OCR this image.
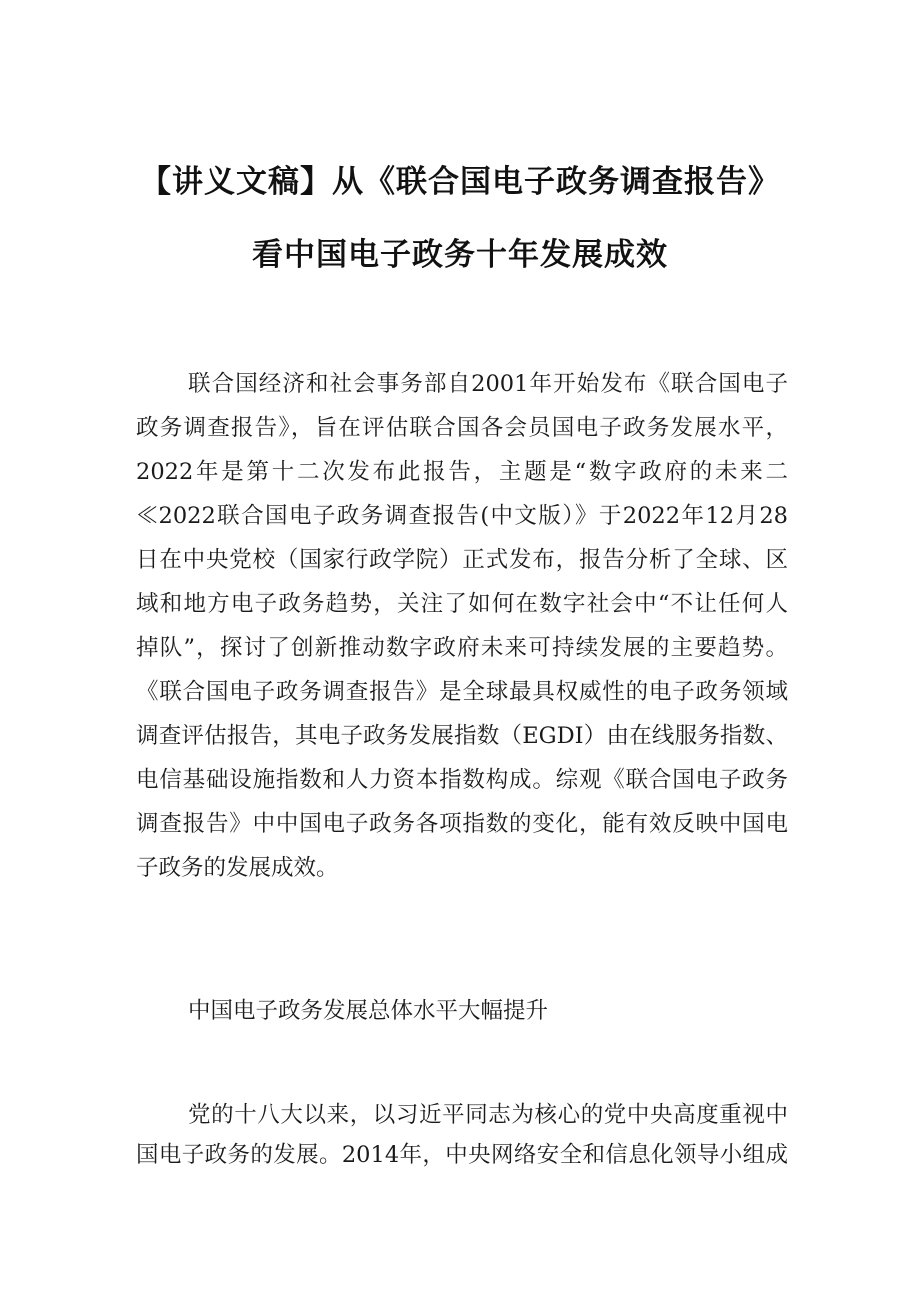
【讲义文稿】从《联合国电子政务调查报告》
看中国电子政务十年发展成效
联合国经济和社会事务部自2001年开始发布《联合国电子
政务调查报告》，旨在评估联合国各会员国电子政务发展水平，
2022年是第十二次发布此报告，主题是“数字政府的未来二
≪2022联合国电子政务调查报告(中文版）》于2022年12月28
日在中央党校（国家行政学院）正式发布，报告分析了全球、区
域和地方电子政务趋势，关注了如何在数字社会中“不让任何人
掉队”，探讨了创新推动数字政府未来可持续发展的主要趋势。
《联合国电子政务调查报告》是全球最具权威性的电子政务领域
调查评估报告，其电子政务发展指数（EGDI）由在线服务指数、
电信基础设施指数和人力资本指数构成。综观《联合国电子政务
调查报告》中中国电子政务各项指数的变化，能有效反映中国电
子政务的发展成效。
中国电子政务发展总体水平大幅提升
党的十八大以来，以习近平同志为核心的党中央高度重视中
国电子政务的发展。2014年，中央网络安全和信息化领导小组成
